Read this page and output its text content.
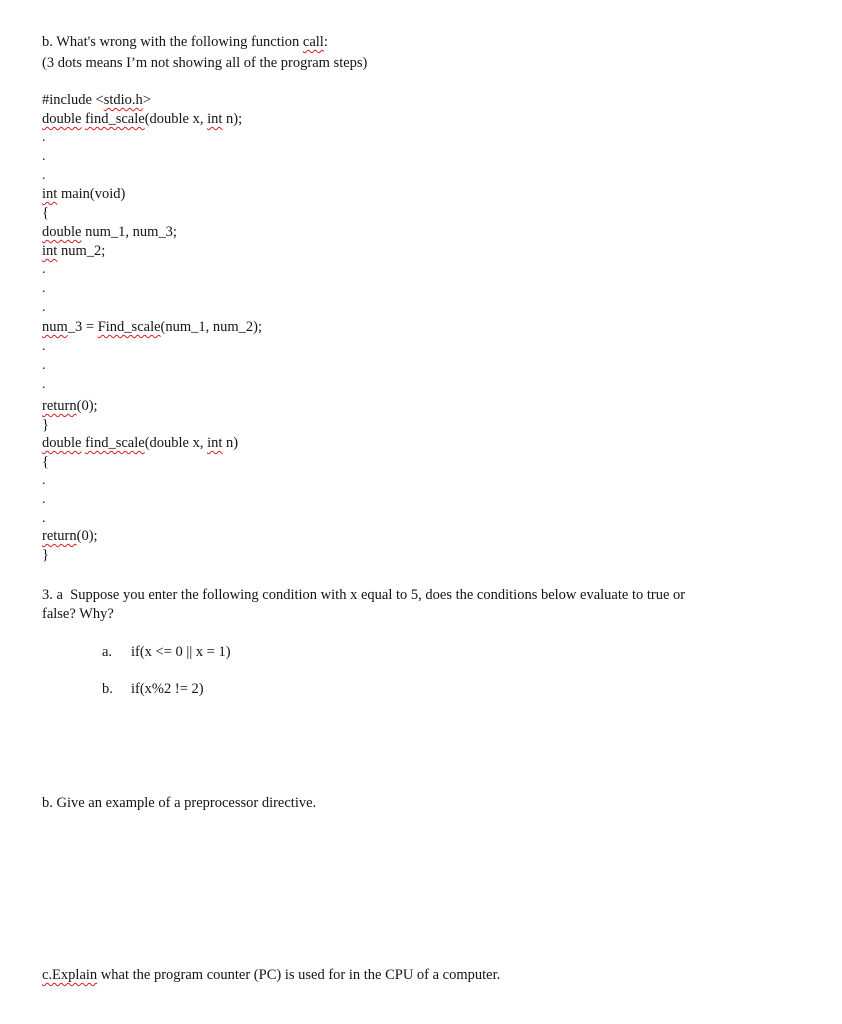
b. What's wrong with the following function call:
(3 dots means I’m not showing all of the program steps)
#include <stdio.h>
double find_scale(double x, int n);
.
.
.
int main(void)
{
double num_1, num_3;
int num_2;
.
.
.
num_3 = Find_scale(num_1, num_2);
.
.
.
return(0);
}
double find_scale(double x, int n)
{
.
.
.
return(0);
}
3. a  Suppose you enter the following condition with x equal to 5, does the conditions below evaluate to true or
false? Why?
a. if(x <= 0 || x = 1)
b. if(x%2 != 2)
b. Give an example of a preprocessor directive.
c.Explain what the program counter (PC) is used for in the CPU of a computer.
